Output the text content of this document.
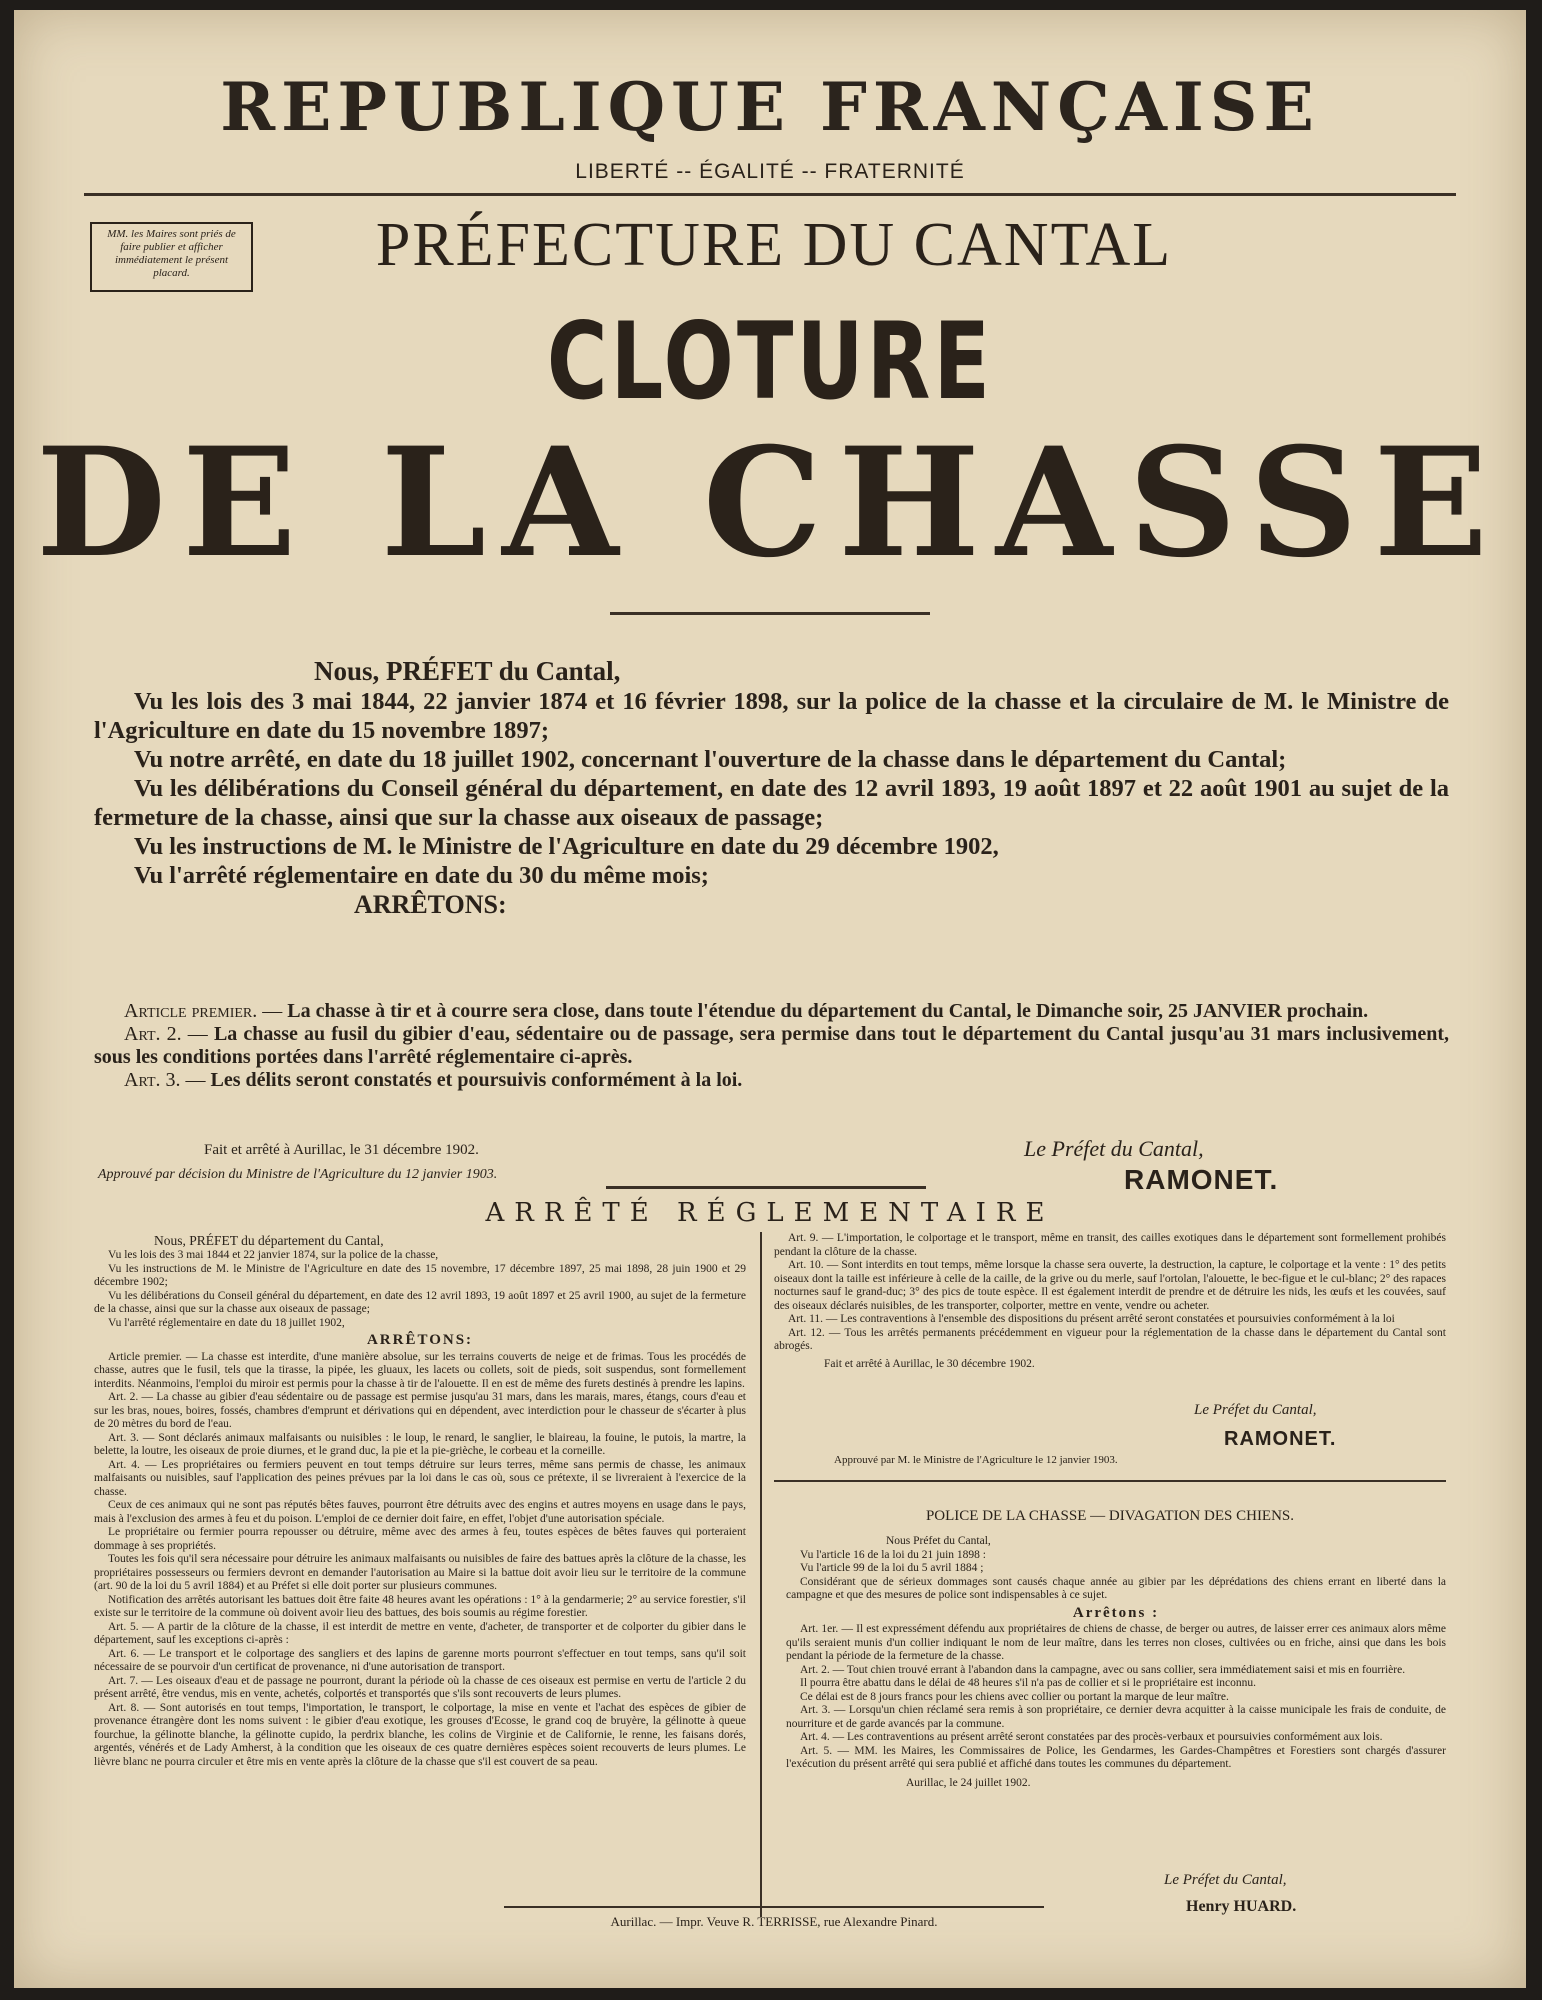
REPUBLIQUE FRANÇAISE
LIBERTÉ -- ÉGALITÉ -- FRATERNITÉ
MM. les Maires sont priés de faire publier et afficher immédiatement le présent placard.	PRÉFECTURE DU CANTAL
CLOTURE
DE LA CHASSE

Nous, PRÉFET du Cantal,

Vu les lois des 3 mai 1844, 22 janvier 1874 et 16 février 1898, sur la police de la chasse et la circulaire de M. le Ministre de l'Agriculture en date du 15 novembre 1897;

Vu notre arrêté, en date du 18 juillet 1902, concernant l'ouverture de la chasse dans le département du Cantal;

Vu les délibérations du Conseil général du département, en date des 12 avril 1893, 19 août 1897 et 22 août 1901 au sujet de la fermeture de la chasse, ainsi que sur la chasse aux oiseaux de passage;

Vu les instructions de M. le Ministre de l'Agriculture en date du 29 décembre 1902,

Vu l'arrêté réglementaire en date du 30 du même mois;

ARRÊTONS:

Article premier. — La chasse à tir et à courre sera close, dans toute l'étendue du département du Cantal, le Dimanche soir, 25 JANVIER prochain.

Art. 2. — La chasse au fusil du gibier d'eau, sédentaire ou de passage, sera permise dans tout le département du Cantal jusqu'au 31 mars inclusivement, sous les conditions portées dans l'arrêté réglementaire ci-après.

Art. 3. — Les délits seront constatés et poursuivis conformément à la loi.

Fait et arrêté à Aurillac, le 31 décembre 1902.
Approuvé par décision du Ministre de l'Agriculture du 12 janvier 1903.
Le Préfet du Cantal,
RAMONET.
ARRÊTÉ RÉGLEMENTAIRE

Nous, PRÉFET du département du Cantal,

Vu les lois des 3 mai 1844 et 22 janvier 1874, sur la police de la chasse,

Vu les instructions de M. le Ministre de l'Agriculture en date des 15 novembre, 17 décembre 1897, 25 mai 1898, 28 juin 1900 et 29 décembre 1902;

Vu les délibérations du Conseil général du département, en date des 12 avril 1893, 19 août 1897 et 25 avril 1900, au sujet de la fermeture de la chasse, ainsi que sur la chasse aux oiseaux de passage;

Vu l'arrêté réglementaire en date du 18 juillet 1902,

ARRÊTONS:

Article premier. — La chasse est interdite, d'une manière absolue, sur les terrains couverts de neige et de frimas. Tous les procédés de chasse, autres que le fusil, tels que la tirasse, la pipée, les gluaux, les lacets ou collets, soit de pieds, soit suspendus, sont formellement interdits. Néanmoins, l'emploi du miroir est permis pour la chasse à tir de l'alouette. Il en est de même des furets destinés à prendre les lapins.

Art. 2. — La chasse au gibier d'eau sédentaire ou de passage est permise jusqu'au 31 mars, dans les marais, mares, étangs, cours d'eau et sur les bras, noues, boires, fossés, chambres d'emprunt et dérivations qui en dépendent, avec interdiction pour le chasseur de s'écarter à plus de 20 mètres du bord de l'eau.

Art. 3. — Sont déclarés animaux malfaisants ou nuisibles : le loup, le renard, le sanglier, le blaireau, la fouine, le putois, la martre, la belette, la loutre, les oiseaux de proie diurnes, et le grand duc, la pie et la pie-grièche, le corbeau et la corneille.

Art. 4. — Les propriétaires ou fermiers peuvent en tout temps détruire sur leurs terres, même sans permis de chasse, les animaux malfaisants ou nuisibles, sauf l'application des peines prévues par la loi dans le cas où, sous ce prétexte, il se livreraient à l'exercice de la chasse.

Ceux de ces animaux qui ne sont pas réputés bêtes fauves, pourront être détruits avec des engins et autres moyens en usage dans le pays, mais à l'exclusion des armes à feu et du poison. L'emploi de ce dernier doit faire, en effet, l'objet d'une autorisation spéciale.

Le propriétaire ou fermier pourra repousser ou détruire, même avec des armes à feu, toutes espèces de bêtes fauves qui porteraient dommage à ses propriétés.

Toutes les fois qu'il sera nécessaire pour détruire les animaux malfaisants ou nuisibles de faire des battues après la clôture de la chasse, les propriétaires possesseurs ou fermiers devront en demander l'autorisation au Maire si la battue doit avoir lieu sur le territoire de la commune (art. 90 de la loi du 5 avril 1884) et au Préfet si elle doit porter sur plusieurs communes.

Notification des arrêtés autorisant les battues doit être faite 48 heures avant les opérations : 1° à la gendarmerie; 2° au service forestier, s'il existe sur le territoire de la commune où doivent avoir lieu des battues, des bois soumis au régime forestier.

Art. 5. — A partir de la clôture de la chasse, il est interdit de mettre en vente, d'acheter, de transporter et de colporter du gibier dans le département, sauf les exceptions ci-après :

Art. 6. — Le transport et le colportage des sangliers et des lapins de garenne morts pourront s'effectuer en tout temps, sans qu'il soit nécessaire de se pourvoir d'un certificat de provenance, ni d'une autorisation de transport.

Art. 7. — Les oiseaux d'eau et de passage ne pourront, durant la période où la chasse de ces oiseaux est permise en vertu de l'article 2 du présent arrêté, être vendus, mis en vente, achetés, colportés et transportés que s'ils sont recouverts de leurs plumes.

Art. 8. — Sont autorisés en tout temps, l'importation, le transport, le colportage, la mise en vente et l'achat des espèces de gibier de provenance étrangère dont les noms suivent : le gibier d'eau exotique, les grouses d'Ecosse, le grand coq de bruyère, la gélinotte à queue fourchue, la gélinotte blanche, la gélinotte cupido, la perdrix blanche, les colins de Virginie et de Californie, le renne, les faisans dorés, argentés, vénérés et de Lady Amherst, à la condition que les oiseaux de ces quatre dernières espèces soient recouverts de leurs plumes. Le lièvre blanc ne pourra circuler et être mis en vente après la clôture de la chasse que s'il est couvert de sa peau.

Art. 9. — L'importation, le colportage et le transport, même en transit, des cailles exotiques dans le département sont formellement prohibés pendant la clôture de la chasse.

Art. 10. — Sont interdits en tout temps, même lorsque la chasse sera ouverte, la destruction, la capture, le colportage et la vente : 1° des petits oiseaux dont la taille est inférieure à celle de la caille, de la grive ou du merle, sauf l'ortolan, l'alouette, le bec-figue et le cul-blanc; 2° des rapaces nocturnes sauf le grand-duc; 3° des pics de toute espèce. Il est également interdit de prendre et de détruire les nids, les œufs et les couvées, sauf des oiseaux déclarés nuisibles, de les transporter, colporter, mettre en vente, vendre ou acheter.

Art. 11. — Les contraventions à l'ensemble des dispositions du présent arrêté seront constatées et poursuivies conformément à la loi

Art. 12. — Tous les arrêtés permanents précédemment en vigueur pour la réglementation de la chasse dans le département du Cantal sont abrogés.

Fait et arrêté à Aurillac, le 30 décembre 1902.

Le Préfet du Cantal,
RAMONET.
Approuvé par M. le Ministre de l'Agriculture le 12 janvier 1903.
POLICE DE LA CHASSE — DIVAGATION DES CHIENS.

Nous Préfet du Cantal,

Vu l'article 16 de la loi du 21 juin 1898 :

Vu l'article 99 de la loi du 5 avril 1884 ;

Considérant que de sérieux dommages sont causés chaque année au gibier par les déprédations des chiens errant en liberté dans la campagne et que des mesures de police sont indispensables à ce sujet.

Arrêtons :

Art. 1er. — Il est expressément défendu aux propriétaires de chiens de chasse, de berger ou autres, de laisser errer ces animaux alors même qu'ils seraient munis d'un collier indiquant le nom de leur maître, dans les terres non closes, cultivées ou en friche, ainsi que dans les bois pendant la période de la fermeture de la chasse.

Art. 2. — Tout chien trouvé errant à l'abandon dans la campagne, avec ou sans collier, sera immédiatement saisi et mis en fourrière.

Il pourra être abattu dans le délai de 48 heures s'il n'a pas de collier et si le propriétaire est inconnu.

Ce délai est de 8 jours francs pour les chiens avec collier ou portant la marque de leur maître.

Art. 3. — Lorsqu'un chien réclamé sera remis à son propriétaire, ce dernier devra acquitter à la caisse municipale les frais de conduite, de nourriture et de garde avancés par la commune.

Art. 4. — Les contraventions au présent arrêté seront constatées par des procès-verbaux et poursuivies conformément aux lois.

Art. 5. — MM. les Maires, les Commissaires de Police, les Gendarmes, les Gardes-Champêtres et Forestiers sont chargés d'assurer l'exécution du présent arrêté qui sera publié et affiché dans toutes les communes du département.

Aurillac, le 24 juillet 1902.

Le Préfet du Cantal,
Henry HUARD.
Aurillac. — Impr. Veuve R. TERRISSE, rue Alexandre Pinard.
